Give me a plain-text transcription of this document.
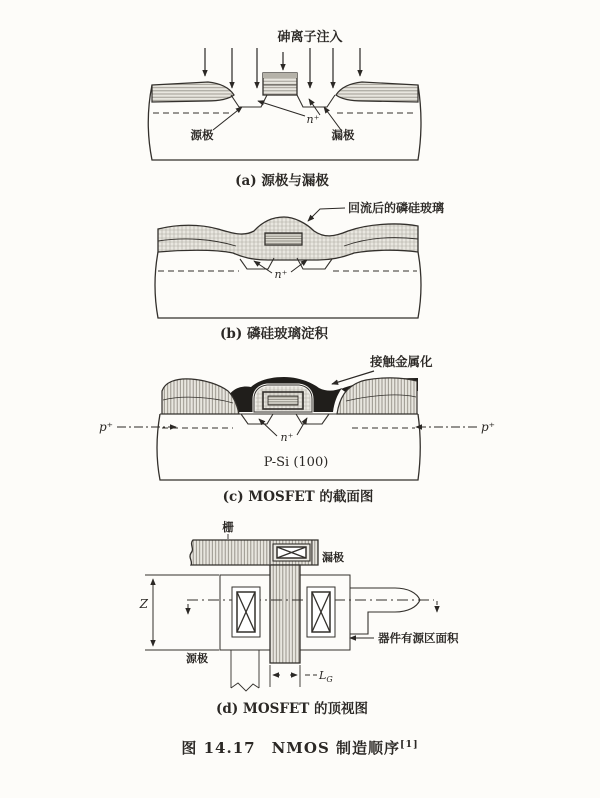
砷离子注入
n⁺
源极	漏极
(a) 源极与漏极
回流后的磷硅玻璃
n⁺
(b) 磷硅玻璃淀积
接触金属化
p⁺	p⁺
n⁺
P-Si (100)
(c) MOSFET 的截面图
栅
漏极
Z
源极
$L_G$
器件有源区面积
(d) MOSFET 的顶视图
图 14.17 NMOS 制造顺序[1]
